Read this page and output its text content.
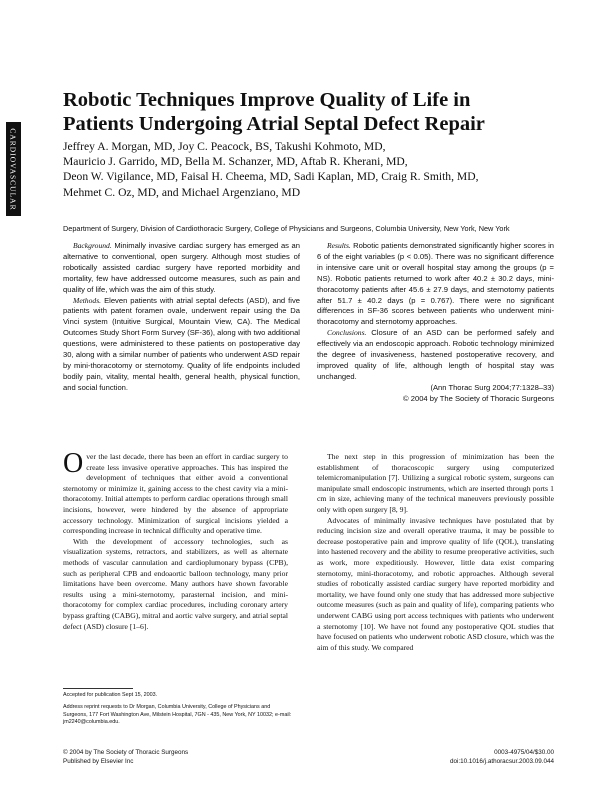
CARDIOVASCULAR
Robotic Techniques Improve Quality of Life in
Patients Undergoing Atrial Septal Defect Repair
Jeffrey A. Morgan, MD, Joy C. Peacock, BS, Takushi Kohmoto, MD,
Mauricio J. Garrido, MD, Bella M. Schanzer, MD, Aftab R. Kherani, MD,
Deon W. Vigilance, MD, Faisal H. Cheema, MD, Sadi Kaplan, MD, Craig R. Smith, MD,
Mehmet C. Oz, MD, and Michael Argenziano, MD
Department of Surgery, Division of Cardiothoracic Surgery, College of Physicians and Surgeons, Columbia University, New York, New York

Background. Minimally invasive cardiac surgery has emerged as an alternative to conventional, open surgery. Although most studies of robotically assisted cardiac surgery have reported morbidity and mortality, few have addressed outcome measures, such as pain and quality of life, which was the aim of this study.

Methods. Eleven patients with atrial septal defects (ASD), and five patients with patent foramen ovale, underwent repair using the Da Vinci system (Intuitive Surgical, Mountain View, CA). The Medical Outcomes Study Short Form Survey (SF-36), along with two additional questions, were administered to these patients on postoperative day 30, along with a similar number of patients who underwent ASD repair by mini-thoracotomy or sternotomy. Quality of life endpoints included bodily pain, vitality, mental health, general health, physical function, and social function.

Results. Robotic patients demonstrated significantly higher scores in 6 of the eight variables (p < 0.05). There was no significant difference in intensive care unit or overall hospital stay among the groups (p = NS). Robotic patients returned to work after 40.2 ± 30.2 days, mini-thoracotomy patients after 45.6 ± 27.9 days, and sternotomy patients after 51.7 ± 40.2 days (p = 0.767). There were no significant differences in SF-36 scores between patients who underwent mini-thoracotomy and sternotomy approaches.

Conclusions. Closure of an ASD can be performed safely and effectively via an endoscopic approach. Robotic technology minimized the degree of invasiveness, hastened postoperative recovery, and improved quality of life, although length of hospital stay was unchanged.

(Ann Thorac Surg 2004;77:1328–33)

© 2004 by The Society of Thoracic Surgeons

Over the last decade, there has been an effort in cardiac surgery to create less invasive operative approaches. This has inspired the development of techniques that either avoid a conventional sternotomy or minimize it, gaining access to the chest cavity via a mini-thoracotomy. Initial attempts to perform cardiac operations through small incisions, however, were hindered by the absence of appropriate accessory technology. Minimization of surgical incisions yielded a corresponding increase in technical difficulty and operative time.

With the development of accessory technologies, such as visualization systems, retractors, and stabilizers, as well as alternate methods of vascular cannulation and cardioplumonary bypass (CPB), such as peripheral CPB and endoaortic balloon technology, many prior limitations have been overcome. Many authors have shown favorable results using a mini-sternotomy, parasternal incision, and mini-thoracotomy for complex cardiac procedures, including coronary artery bypass grafting (CABG), mitral and aortic valve surgery, and atrial septal defect (ASD) closure [1–6].

The next step in this progression of minimization has been the establishment of thoracoscopic surgery using computerized telemicromanipulation [7]. Utilizing a surgical robotic system, surgeons can manipulate small endoscopic instruments, which are inserted through ports 1 cm in size, achieving many of the technical maneuvers previously possible only with open surgery [8, 9].

Advocates of minimally invasive techniques have postulated that by reducing incision size and overall operative trauma, it may be possible to decrease postoperative pain and improve quality of life (QOL), translating into hastened recovery and the ability to resume preoperative activities, such as work, more expeditiously. However, little data exist comparing sternotomy, mini-thoracotomy, and robotic approaches. Although several studies of robotically assisted cardiac surgery have reported morbidity and mortality, we have found only one study that has addressed more subjective outcome measures (such as pain and quality of life), comparing patients who underwent CABG using port access techniques with patients who underwent a sternotomy [10]. We have not found any postoperative QOL studies that have focused on patients who underwent robotic ASD closure, which was the aim of this study. We compared

Accepted for publication Sept 15, 2003.
Address reprint requests to Dr Morgan, Columbia University, College of Physicians and Surgeons, 177 Fort Washington Ave, Milstein Hospital, 7GN - 435, New York, NY 10032; e-mail: jm2240@columbia.edu.
© 2004 by The Society of Thoracic Surgeons
Published by Elsevier Inc
0003-4975/04/$30.00
doi:10.1016/j.athoracsur.2003.09.044
